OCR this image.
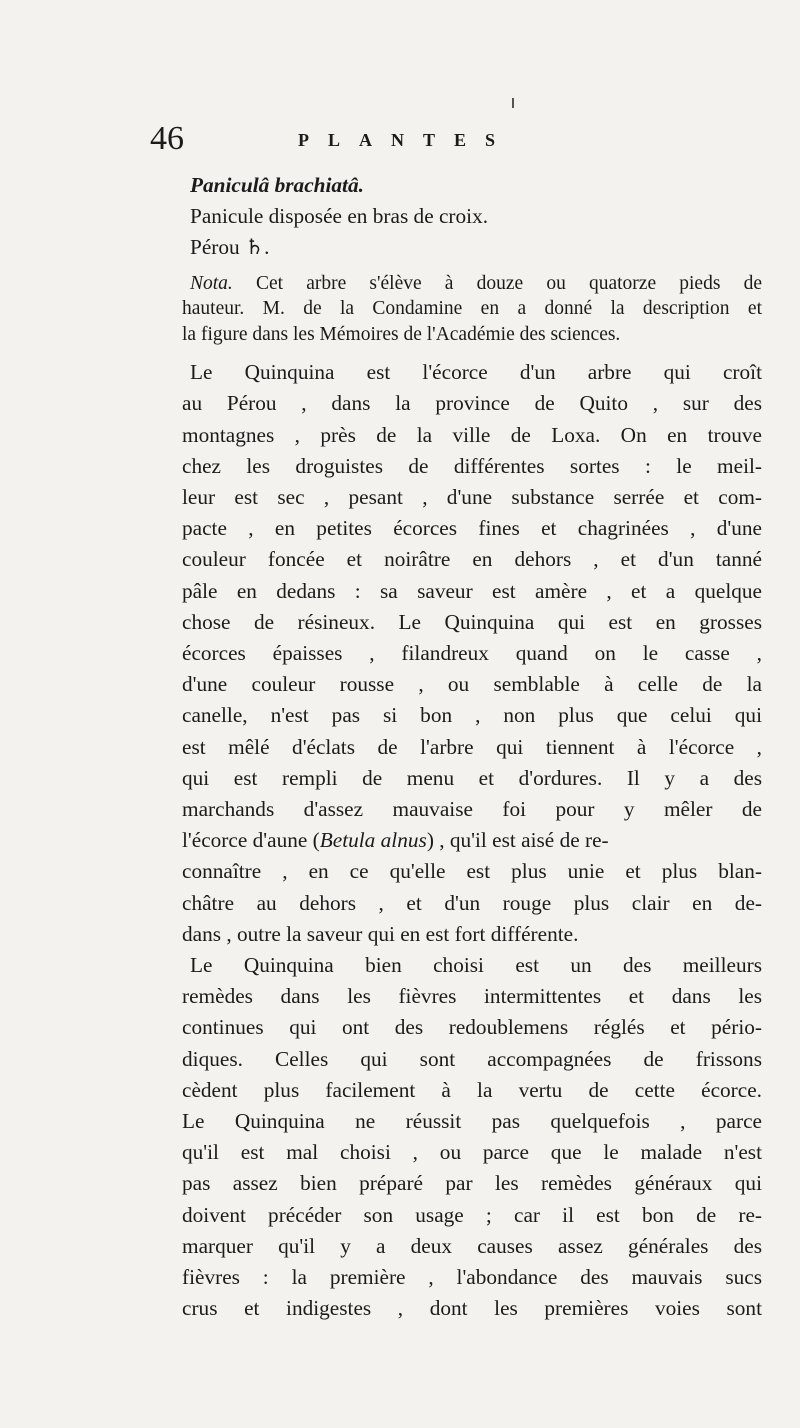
46	PLANTES
Paniculâ brachiatâ.
Panicule disposée en bras de croix.
Pérou ♄.
Nota. Cet arbre s'élève à douze ou quatorze pieds de
hauteur. M. de la Condamine en a donné la description et
la figure dans les Mémoires de l'Académie des sciences.
Le Quinquina est l'écorce d'un arbre qui croît
au Pérou , dans la province de Quito , sur des
montagnes , près de la ville de Loxa. On en trouve
chez les droguistes de différentes sortes : le meil-
leur est sec , pesant , d'une substance serrée et com-
pacte , en petites écorces fines et chagrinées , d'une
couleur foncée et noirâtre en dehors , et d'un tanné
pâle en dedans : sa saveur est amère , et a quelque
chose de résineux. Le Quinquina qui est en grosses
écorces épaisses , filandreux quand on le casse ,
d'une couleur rousse , ou semblable à celle de la
canelle, n'est pas si bon , non plus que celui qui
est mêlé d'éclats de l'arbre qui tiennent à l'écorce ,
qui est rempli de menu et d'ordures. Il y a des
marchands d'assez mauvaise foi pour y mêler de
l'écorce d'aune (Betula alnus) , qu'il est aisé de re-
connaître , en ce qu'elle est plus unie et plus blan-
châtre au dehors , et d'un rouge plus clair en de-
dans , outre la saveur qui en est fort différente.
Le Quinquina bien choisi est un des meilleurs
remèdes dans les fièvres intermittentes et dans les
continues qui ont des redoublemens réglés et pério-
diques. Celles qui sont accompagnées de frissons
cèdent plus facilement à la vertu de cette écorce.
Le Quinquina ne réussit pas quelquefois , parce
qu'il est mal choisi , ou parce que le malade n'est
pas assez bien préparé par les remèdes généraux qui
doivent précéder son usage ; car il est bon de re-
marquer qu'il y a deux causes assez générales des
fièvres : la première , l'abondance des mauvais sucs
crus et indigestes , dont les premières voies sont
